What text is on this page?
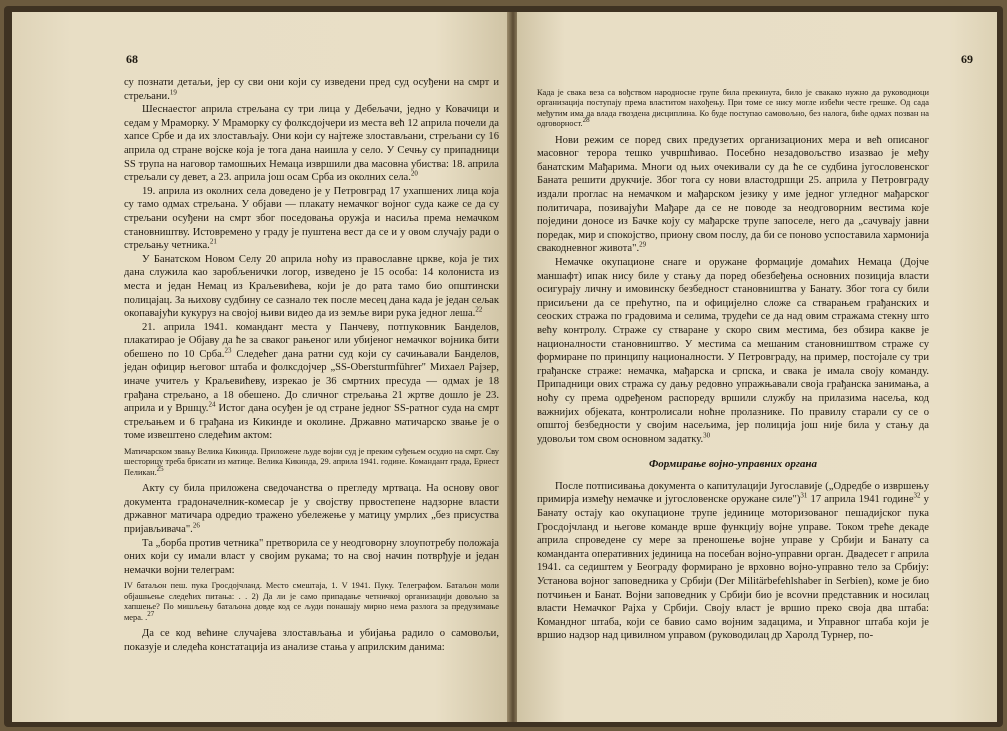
68

су познати детаљи, јер су сви они који су изведени пред суд осуђени на смрт и стрељани.$^{19}$

Шеснаестог априла стрељана су три лица у Дебељачи, једно у Ковачици и седам у Мраморку. У Мраморку су фолксдојчери из места већ 12 априла почели да хапсе Србе и да их злостављају. Они који су најтеже злостављани, стрељани су 16 априла од стране војске која је тога дана наишла у село. У Сечњу су припадници SS трупа на наговор тамошњих Немаца извршили два масовна убиства: 18. априла стрељали су девет, а 23. априла још осам Срба из околних села.$^{20}$

19. априла из околних села доведено је у Петровград 17 ухапшених лица која су тамо одмах стрељана. У објави — плакату немачког војног суда каже се да су стрељани осуђени на смрт због поседовања оружја и насиља према немачком становништву. Истовремено у граду је пуштена вест да се и у овом случају ради о стрељању четника.$^{21}$

У Банатском Новом Селу 20 априла ноћу из православне цркве, која је тих дана служила као заробљенички логор, изведено је 15 особа: 14 колониста из места и један Немац из Краљевићева, који је до рата тамо био општински полицајац. За њихову судбину се сазнало тек после месец дана када је један сељак окопавајући кукуруз на својој њиви видео да из земље вири рука једног леша.$^{22}$

21. априла 1941. командант места у Панчеву, потпуковник Банделов, плакатирао је Објаву да ће за сваког рањеног или убијеног немачког војника бити обешено по 10 Срба.$^{23}$ Следећег дана ратни суд који су сачињавали Банделов, један официр његовог штаба и фолксдојчер „SS-Obersturmführer" Михаел Рајзер, иначе учитељ у Краљевићеву, изрекао је 36 смртних пресуда — одмах је 18 грађана стрељано, а 18 обешено. До сличног стрељања 21 жртве дошло је 23. априла и у Вршцу.$^{24}$ Истог дана осуђен је од стране једног SS-ратног суда на смрт стрељањем и 6 грађана из Кикинде и околине. Државно матичарско звање је о томе извештено следећим актом:

Матичарском звању Велика Кикинда. Приложене људе војни суд је преким суђењем осудио на смрт. Сву шесторицу треба брисати из матице. Велика Кикинда, 29. априла 1941. године. Командант града, Ернест Пеликан.$^{25}$

Акту су била приложена сведочанства о прегледу мртваца. На основу овог документа градоначелник-комесар је у својству првостепене надзорне власти државног матичара одредио тражено убележење у матицу умрлих „без присуства пријављивача".$^{26}$

Та „борба против четника" претворила се у неодговорну злоупотребу положаја оних који су имали власт у својим рукама; то на свој начин потврђује и један немачки војни телеграм:

IV батаљон пеш. пука Гросдојчланд. Место смештаја, 1. V 1941. Пуку. Телеграфом. Батаљон моли објашњење следећих питања: . . 2) Да ли је само припадање четничкој организацији довољно за хапшење? По мишљењу батаљона довде код се људи понашају мирно нема разлога за предузимање мера. .$^{27}$

Да се код већине случајева злостављања и убијања радило о самовољи, показује и следећа констатација из анализе стања у априлским данима:

69

Када је свака веза са вођством народносне групе била прекинута, било је свакако нужно да руководиоци организација поступају према властитом нахођењу. При томе се нису могле избећи честе грешке. Од сада међутим има да влада гвоздена дисциплина. Ко буде поступао самовољно, без налога, биће одмах позван на одговорност.$^{28}$

Нови режим се поред свих предузетих организационих мера и већ описаног масовног терора тешко учвршћивао. Посебно незадовољство изазвао је међу банатским Мађарима. Многи од њих очекивали су да ће се судбина југословенског Баната решити друкчије. Због тога су нови властодршци 25. априла у Петровграду издали проглас на немачком и мађарском језику у име једног угледног мађарског политичара, позивајући Мађаре да се не поводе за неодговорним вестима које поједини доносе из Бачке коју су мађарске трупе запоселе, него да „сачувају јавни поредак, мир и спокојство, прионy свом послу, да би се поново успоставила хармонија свакодневног живота".$^{29}$

Немачке окупационе снаге и оружане формације домаћих Немаца (Дојче маншафт) ипак нису биле у стању да поред обезбеђења основних позиција власти осигурају личну и имовинску безбедност становништва у Банату. Због тога су били присиљени да се прећутно, па и официјелно сложе са стварањем грађанских и сеоских стража по градовима и селима, трудећи се да над овим стражама стекну што већу контролу. Страже су стваране у скоро свим местима, без обзира какве је националности становништво. У местима са мешаним становништвом страже су формиране по принципу националности. У Петровграду, на пример, постојале су три грађанске страже: немачка, мађарска и српска, и свака је имала своју команду. Припадници ових стража су дању редовно упражњавали своја грађанска занимања, а ноћу су према одређеном распореду вршили службу на прилазима насеља, код важнијих објеката, контролисали ноћне пролазнике. По правилу старали су се о општој безбедности у својим насељима, јер полиција још није била у стању да удовољи том свом основном задатку.$^{30}$

Формирање војно-управних органа

После потписивања документа о капитулацији Југославије („Одредбе о извршењу примирја између немачке и југословенске оружане силе")$^{31}$ 17 априла 1941 године$^{32}$ у Банату остају као окупационе трупе јединице моторизованог пешадијског пука Гросдојчланд и његове команде врше функцију војне управе. Током треће декаде априла спроведене су мере за преношење војне управе у Србији и Банату са команданта оперативних јединица на посебан војно-управни орган. Двадесет г априла 1941. са седиштем у Београду формирано је врховно војно-управно тело за Србију: Установа војног заповедника у Србији (Der Militärbefehlshaber in Serbien), коме је био потчињен и Банат. Војни заповедник у Србији био је вcovни представник и носилац власти Немачког Рајха у Србији. Своју власт је вршио преко своја два штаба: Командног штаба, који се бавио само војним задацима, и Управног штаба који је вршио надзор над цивилном управом (руководилац др Харолд Турнер, по-
